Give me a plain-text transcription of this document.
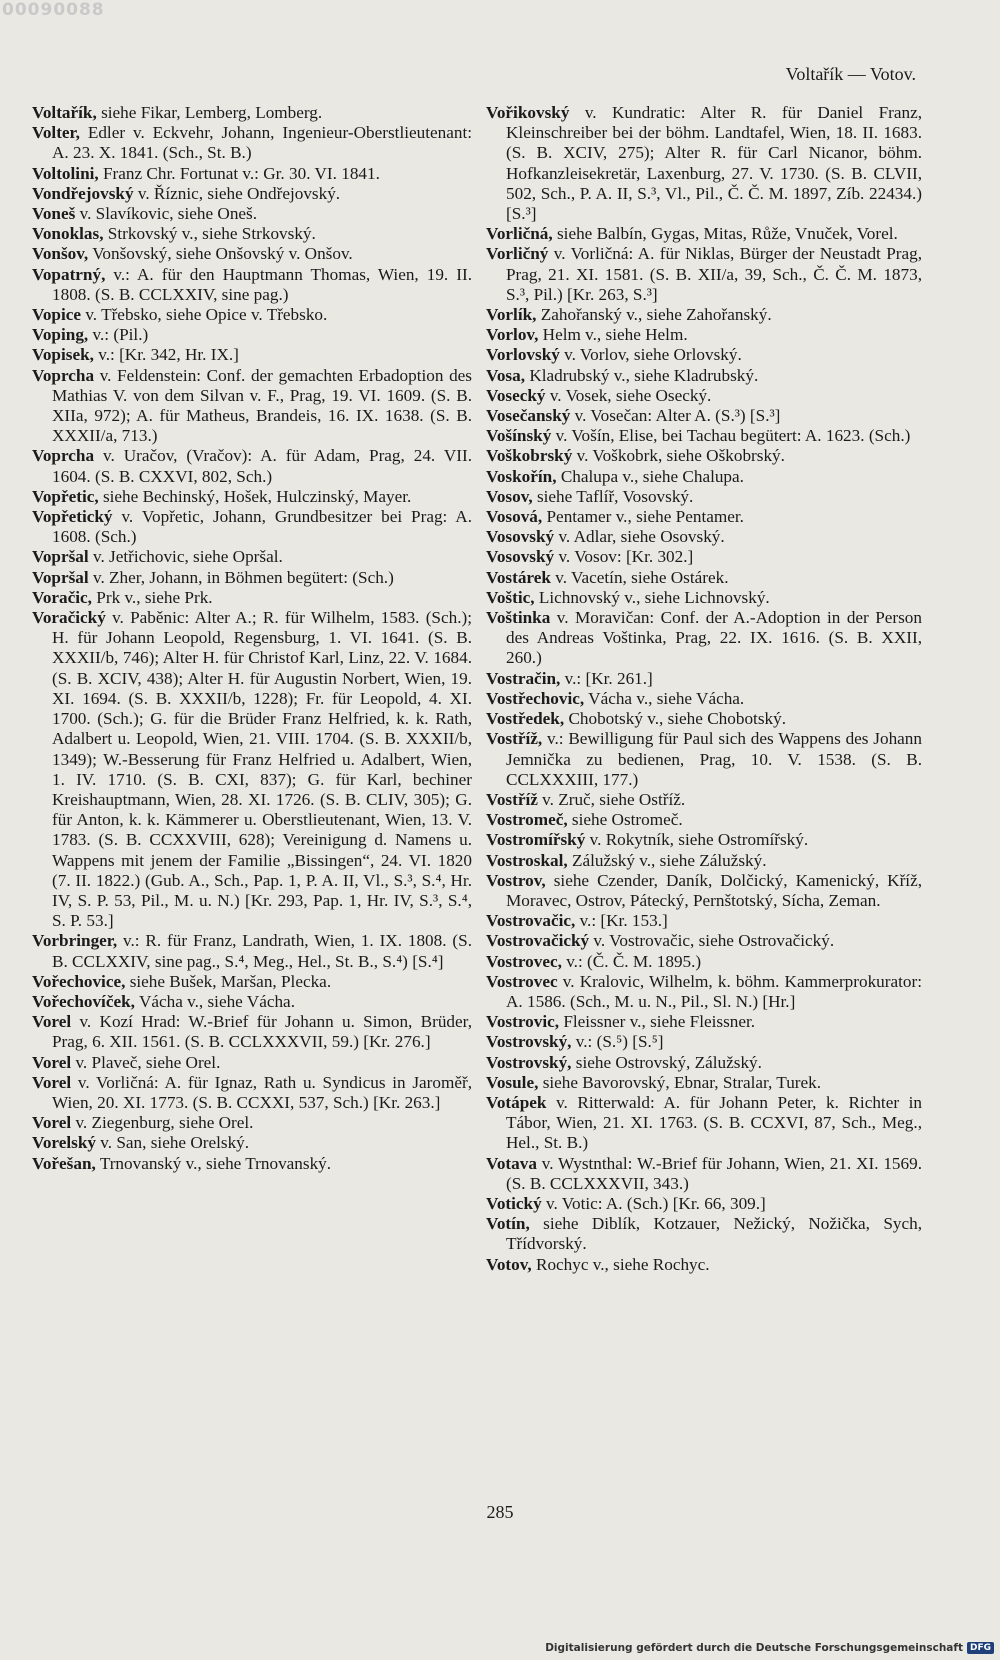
00090088
Voltařík — Votov.

Voltařík, siehe Fikar, Lemberg, Lomberg.

Volter, Edler v. Eckvehr, Johann, Ingenieur-Oberstlieutenant: A. 23. X. 1841. (Sch., St. B.)

Voltolini, Franz Chr. Fortunat v.: Gr. 30. VI. 1841.

Vondřejovský v. Říznic, siehe Ondřejovský.

Voneš v. Slavíkovic, siehe Oneš.

Vonoklas, Strkovský v., siehe Strkovský.

Vonšov, Vonšovský, siehe Onšovský v. Onšov.

Vopatrný, v.: A. für den Hauptmann Thomas, Wien, 19. II. 1808. (S. B. CCLXXIV, sine pag.)

Vopice v. Třebsko, siehe Opice v. Třebsko.

Voping, v.: (Pil.)

Vopisek, v.: [Kr. 342, Hr. IX.]

Voprcha v. Feldenstein: Conf. der gemachten Erbadoption des Mathias V. von dem Silvan v. F., Prag, 19. VI. 1609. (S. B. XIIa, 972); A. für Matheus, Brandeis, 16. IX. 1638. (S. B. XXXII/a, 713.)

Voprcha v. Uračov, (Vračov): A. für Adam, Prag, 24. VII. 1604. (S. B. CXXVI, 802, Sch.)

Vopřetic, siehe Bechinský, Hošek, Hulczinský, Mayer.

Vopřetický v. Vopřetic, Johann, Grundbesitzer bei Prag: A. 1608. (Sch.)

Vopršal v. Jetřichovic, siehe Opršal.

Vopršal v. Zher, Johann, in Böhmen begütert: (Sch.)

Voračic, Prk v., siehe Prk.

Voračický v. Paběnic: Alter A.; R. für Wilhelm, 1583. (Sch.); H. für Johann Leopold, Regensburg, 1. VI. 1641. (S. B. XXXII/b, 746); Alter H. für Christof Karl, Linz, 22. V. 1684. (S. B. XCIV, 438); Alter H. für Augustin Norbert, Wien, 19. XI. 1694. (S. B. XXXII/b, 1228); Fr. für Leopold, 4. XI. 1700. (Sch.); G. für die Brüder Franz Helfried, k. k. Rath, Adalbert u. Leopold, Wien, 21. VIII. 1704. (S. B. XXXII/b, 1349); W.-Besserung für Franz Helfried u. Adalbert, Wien, 1. IV. 1710. (S. B. CXI, 837); G. für Karl, bechiner Kreishauptmann, Wien, 28. XI. 1726. (S. B. CLIV, 305); G. für Anton, k. k. Kämmerer u. Oberstlieutenant, Wien, 13. V. 1783. (S. B. CCXXVIII, 628); Vereinigung d. Namens u. Wappens mit jenem der Familie „Bissingen“, 24. VI. 1820 (7. II. 1822.) (Gub. A., Sch., Pap. 1, P. A. II, Vl., S.³, S.⁴, Hr. IV, S. P. 53, Pil., M. u. N.) [Kr. 293, Pap. 1, Hr. IV, S.³, S.⁴, S. P. 53.]

Vorbringer, v.: R. für Franz, Landrath, Wien, 1. IX. 1808. (S. B. CCLXXIV, sine pag., S.⁴, Meg., Hel., St. B., S.⁴) [S.⁴]

Vořechovice, siehe Bušek, Maršan, Plecka.

Vořechovíček, Vácha v., siehe Vácha.

Vorel v. Kozí Hrad: W.-Brief für Johann u. Simon, Brüder, Prag, 6. XII. 1561. (S. B. CCLXXXVII, 59.) [Kr. 276.]

Vorel v. Plaveč, siehe Orel.

Vorel v. Vorličná: A. für Ignaz, Rath u. Syndicus in Jaroměř, Wien, 20. XI. 1773. (S. B. CCXXI, 537, Sch.) [Kr. 263.]

Vorel v. Ziegenburg, siehe Orel.

Vorelský v. San, siehe Orelský.

Vořešan, Trnovanský v., siehe Trnovanský.

Vořikovský v. Kundratic: Alter R. für Daniel Franz, Kleinschreiber bei der böhm. Landtafel, Wien, 18. II. 1683. (S. B. XCIV, 275); Alter R. für Carl Nicanor, böhm. Hofkanzleisekretär, Laxenburg, 27. V. 1730. (S. B. CLVII, 502, Sch., P. A. II, S.³, Vl., Pil., Č. Č. M. 1897, Zíb. 22434.) [S.³]

Vorličná, siehe Balbín, Gygas, Mitas, Růže, Vnuček, Vorel.

Vorličný v. Vorličná: A. für Niklas, Bürger der Neustadt Prag, Prag, 21. XI. 1581. (S. B. XII/a, 39, Sch., Č. Č. M. 1873, S.³, Pil.) [Kr. 263, S.³]

Vorlík, Zahořanský v., siehe Zahořanský.

Vorlov, Helm v., siehe Helm.

Vorlovský v. Vorlov, siehe Orlovský.

Vosa, Kladrubský v., siehe Kladrubský.

Vosecký v. Vosek, siehe Osecký.

Vosečanský v. Vosečan: Alter A. (S.³) [S.³]

Vošínský v. Vošín, Elise, bei Tachau begütert: A. 1623. (Sch.)

Voškobrský v. Voškobrk, siehe Oškobrský.

Voskořín, Chalupa v., siehe Chalupa.

Vosov, siehe Taflíř, Vosovský.

Vosová, Pentamer v., siehe Pentamer.

Vosovský v. Adlar, siehe Osovský.

Vosovský v. Vosov: [Kr. 302.]

Vostárek v. Vacetín, siehe Ostárek.

Voštic, Lichnovský v., siehe Lichnovský.

Voštinka v. Moravičan: Conf. der A.-Adoption in der Person des Andreas Voštinka, Prag, 22. IX. 1616. (S. B. XXII, 260.)

Vostračin, v.: [Kr. 261.]

Vostřechovic, Vácha v., siehe Vácha.

Vostředek, Chobotský v., siehe Chobotský.

Vostříž, v.: Bewilligung für Paul sich des Wappens des Johann Jemnička zu bedienen, Prag, 10. V. 1538. (S. B. CCLXXXIII, 177.)

Vostříž v. Zruč, siehe Ostříž.

Vostromeč, siehe Ostromeč.

Vostromířský v. Rokytník, siehe Ostromířský.

Vostroskal, Zálužský v., siehe Zálužský.

Vostrov, siehe Czender, Daník, Dolčický, Kamenický, Kříž, Moravec, Ostrov, Pátecký, Pernštotský, Sícha, Zeman.

Vostrovačic, v.: [Kr. 153.]

Vostrovačický v. Vostrovačic, siehe Ostrovačický.

Vostrovec, v.: (Č. Č. M. 1895.)

Vostrovec v. Kralovic, Wilhelm, k. böhm. Kammerprokurator: A. 1586. (Sch., M. u. N., Pil., Sl. N.) [Hr.]

Vostrovic, Fleissner v., siehe Fleissner.

Vostrovský, v.: (S.⁵) [S.⁵]

Vostrovský, siehe Ostrovský, Zálužský.

Vosule, siehe Bavorovský, Ebnar, Stralar, Turek.

Votápek v. Ritterwald: A. für Johann Peter, k. Richter in Tábor, Wien, 21. XI. 1763. (S. B. CCXVI, 87, Sch., Meg., Hel., St. B.)

Votava v. Wystnthal: W.-Brief für Johann, Wien, 21. XI. 1569. (S. B. CCLXXXVII, 343.)

Votický v. Votic: A. (Sch.) [Kr. 66, 309.]

Votín, siehe Diblík, Kotzauer, Nežický, Nožička, Sych, Třídvorský.

Votov, Rochyc v., siehe Rochyc.

285
Digitalisierung gefördert durch die Deutsche Forschungsgemeinschaft DFG
